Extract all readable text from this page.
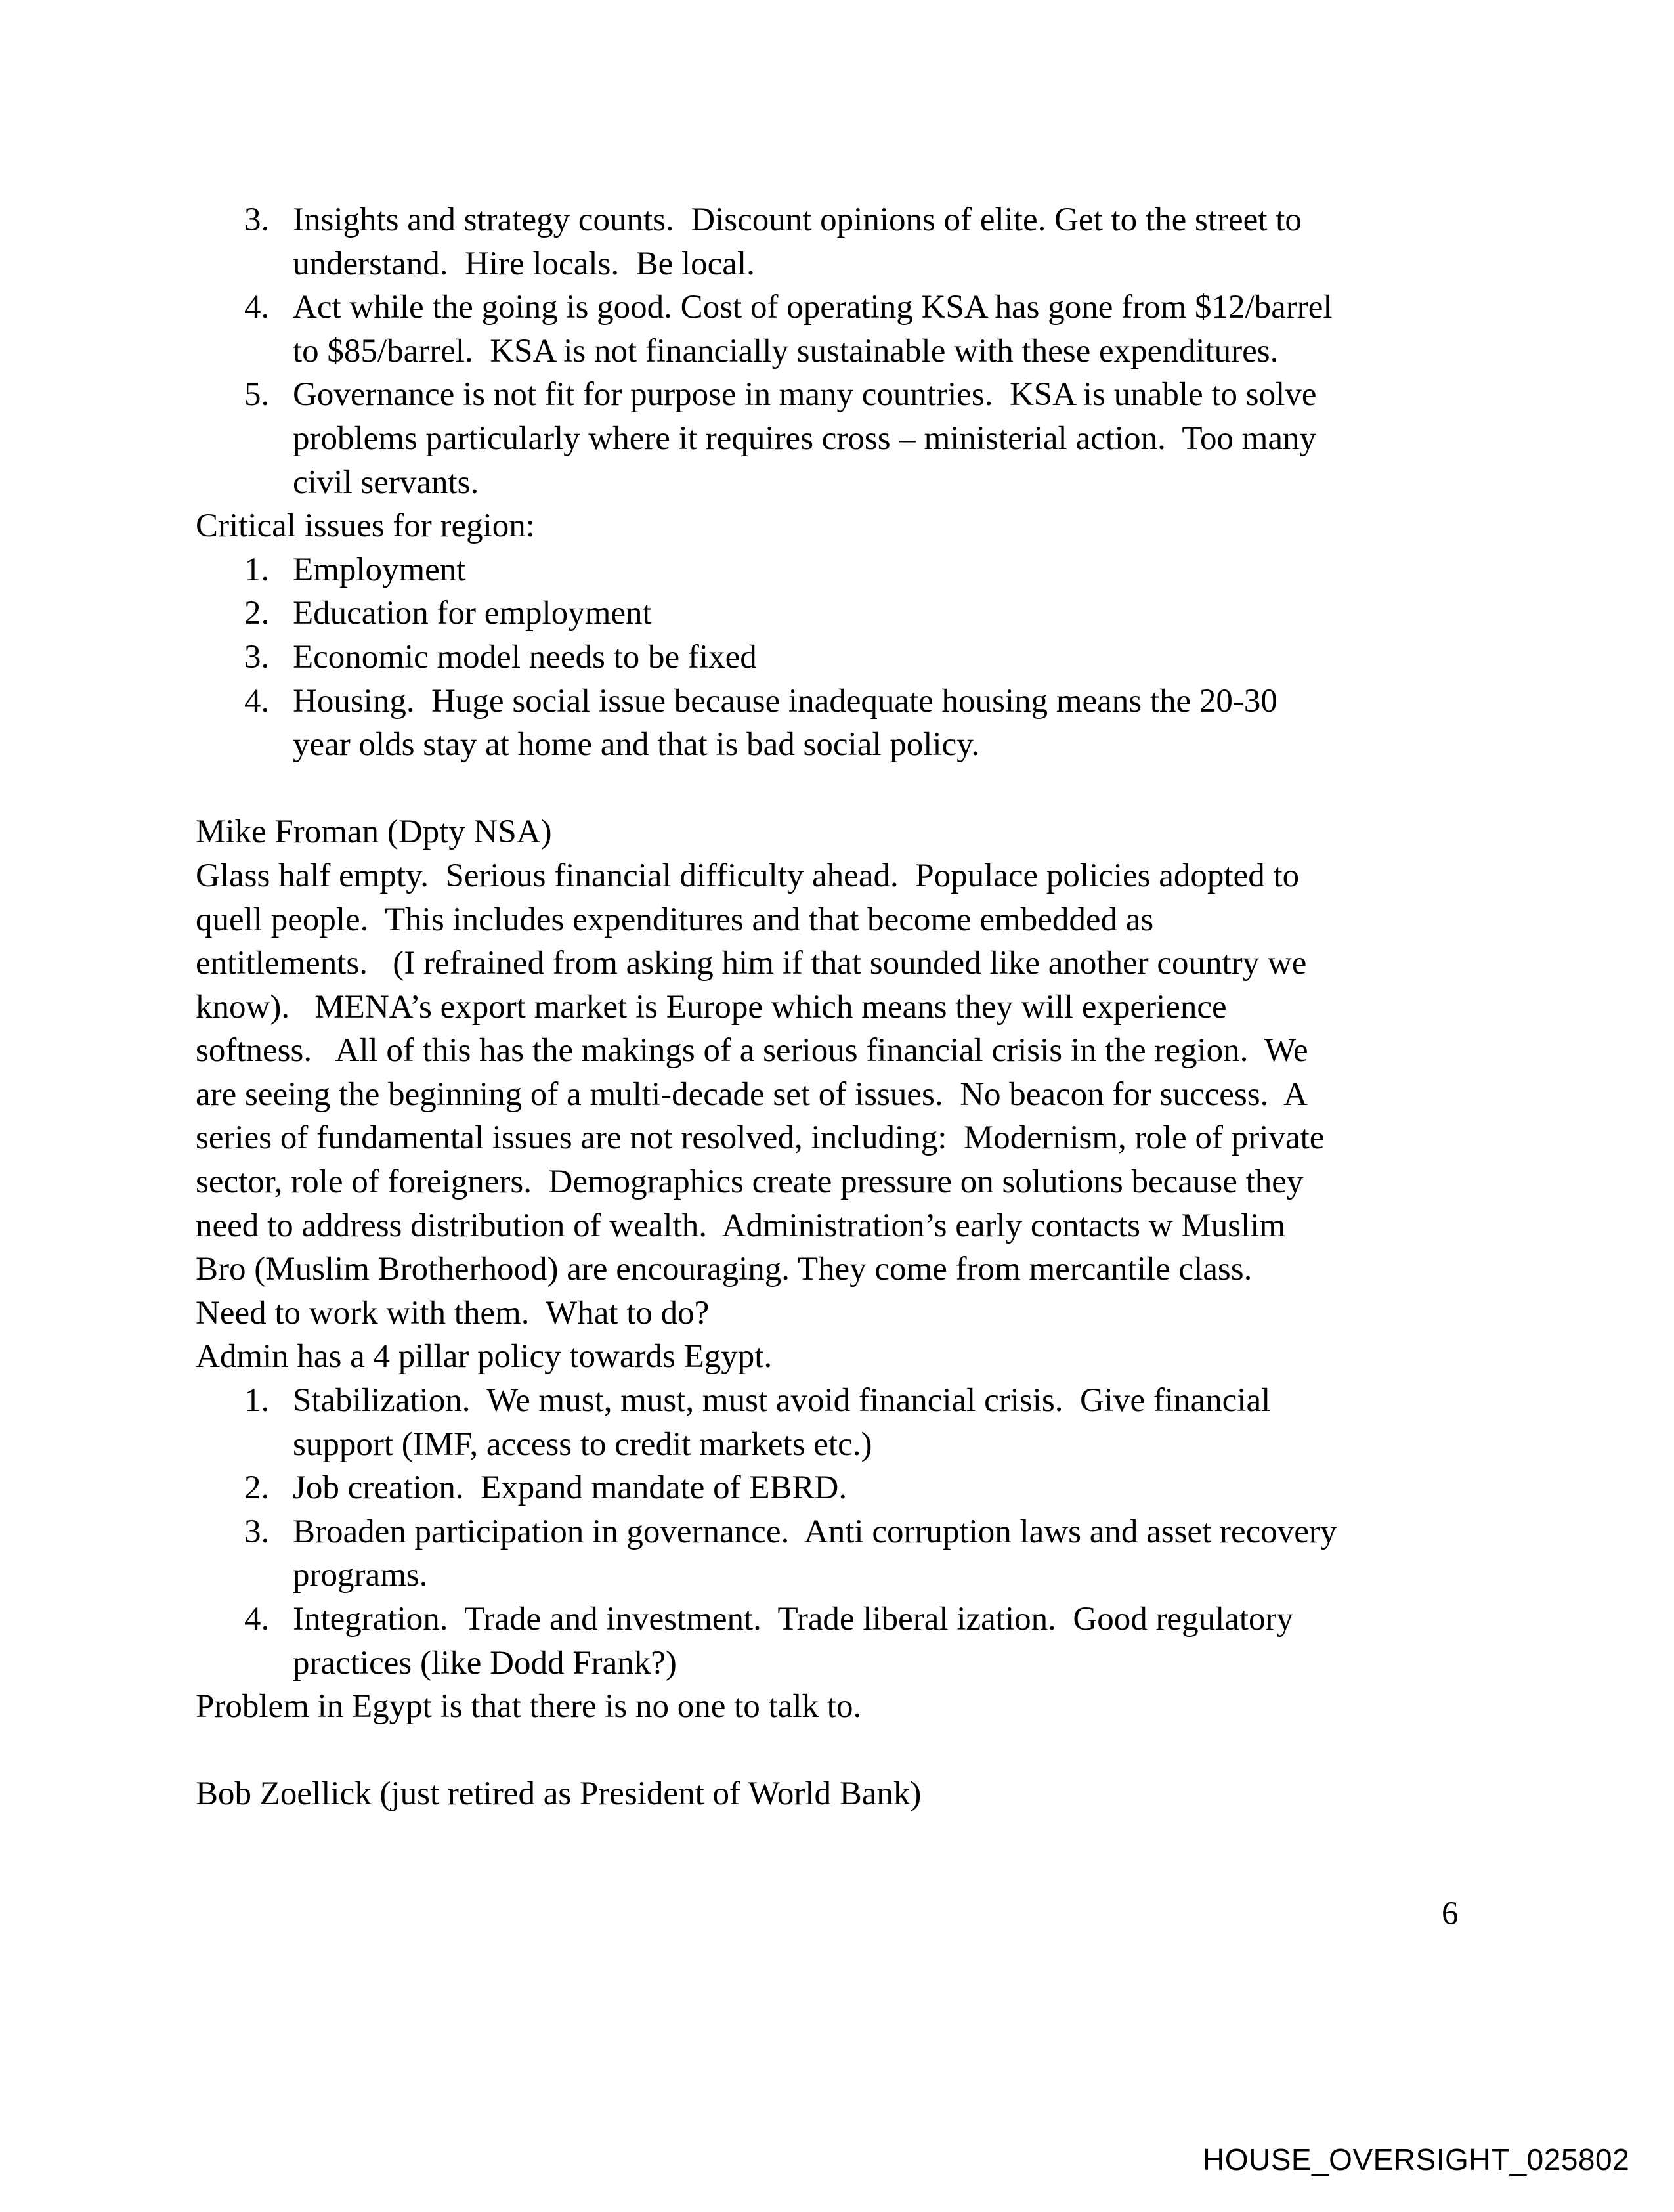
3. Insights and strategy counts.  Discount opinions of elite. Get to the street to
understand.  Hire locals.  Be local.
4. Act while the going is good. Cost of operating KSA has gone from $12/barrel
to $85/barrel.  KSA is not financially sustainable with these expenditures.
5. Governance is not fit for purpose in many countries.  KSA is unable to solve
problems particularly where it requires cross – ministerial action.  Too many
civil servants.
Critical issues for region:
1. Employment
2. Education for employment
3. Economic model needs to be fixed
4. Housing.  Huge social issue because inadequate housing means the 20-30
year olds stay at home and that is bad social policy.
Mike Froman (Dpty NSA)
Glass half empty.  Serious financial difficulty ahead.  Populace policies adopted to
quell people.  This includes expenditures and that become embedded as
entitlements.   (I refrained from asking him if that sounded like another country we
know).   MENA’s export market is Europe which means they will experience
softness.   All of this has the makings of a serious financial crisis in the region.  We
are seeing the beginning of a multi-decade set of issues.  No beacon for success.  A
series of fundamental issues are not resolved, including:  Modernism, role of private
sector, role of foreigners.  Demographics create pressure on solutions because they
need to address distribution of wealth.  Administration’s early contacts w Muslim
Bro (Muslim Brotherhood) are encouraging. They come from mercantile class.
Need to work with them.  What to do?
Admin has a 4 pillar policy towards Egypt.
1. Stabilization.  We must, must, must avoid financial crisis.  Give financial
support (IMF, access to credit markets etc.)
2. Job creation.  Expand mandate of EBRD.
3. Broaden participation in governance.  Anti corruption laws and asset recovery
programs.
4. Integration.  Trade and investment.  Trade liberal ization.  Good regulatory
practices (like Dodd Frank?)
Problem in Egypt is that there is no one to talk to.
Bob Zoellick (just retired as President of World Bank)
6
HOUSE_OVERSIGHT_025802
